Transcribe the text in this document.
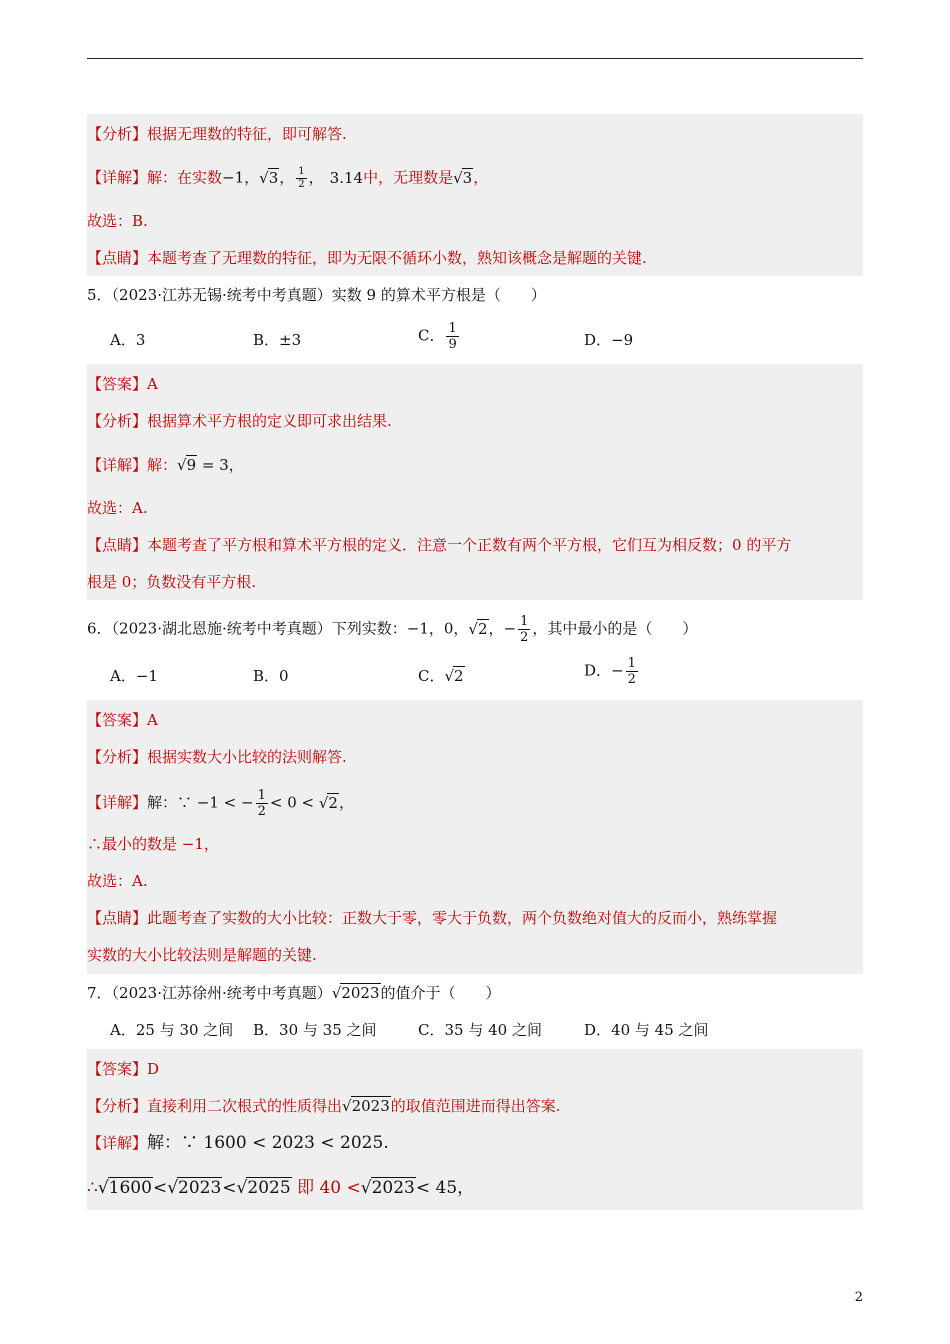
【分析】根据无理数的特征，即可解答.
【详解】解：在实数−1，√3， $\frac{1}{2}$ ， 3.14中，无理数是√3，
故选：B.
【点睛】本题考查了无理数的特征，即为无限不循环小数，熟知该概念是解题的关键.
5．（2023·江苏无锡·统考中考真题）实数 9 的算术平方根是（　　）
A．3	B．±3	C． $\frac{1}{9}$	D．−9
【答案】A
【分析】根据算术平方根的定义即可求出结果.
【详解】解：√9 = 3，
故选：A.
【点睛】本题考查了平方根和算术平方根的定义．注意一个正数有两个平方根，它们互为相反数；0 的平方
根是 0；负数没有平方根.
6．（2023·湖北恩施·统考中考真题）下列实数：−1，0，√2，− $\frac{1}{2}$ ，其中最小的是（　　）
A．−1	B．0	C．√2	D．− $\frac{1}{2}$
【答案】A
【分析】根据实数大小比较的法则解答.
【详解】解：∵ −1 < − $\frac{1}{2} < 0 < √2$，
∴最小的数是 −1，
故选：A.
【点睛】此题考查了实数的大小比较：正数大于零，零大于负数，两个负数绝对值大的反而小，熟练掌握
实数的大小比较法则是解题的关键.
7．（2023·江苏徐州·统考中考真题）√2023的值介于（　　）
A．25 与 30 之间 B．30 与 35 之间	C．35 与 40 之间	D．40 与 45 之间
【答案】D
【分析】直接利用二次根式的性质得出√2023的取值范围进而得出答案.
【详解】解：∵ 1600 < 2023 < 2025.
∴√1600<√2023<√2025 即 40 <√2023< 45，
2
